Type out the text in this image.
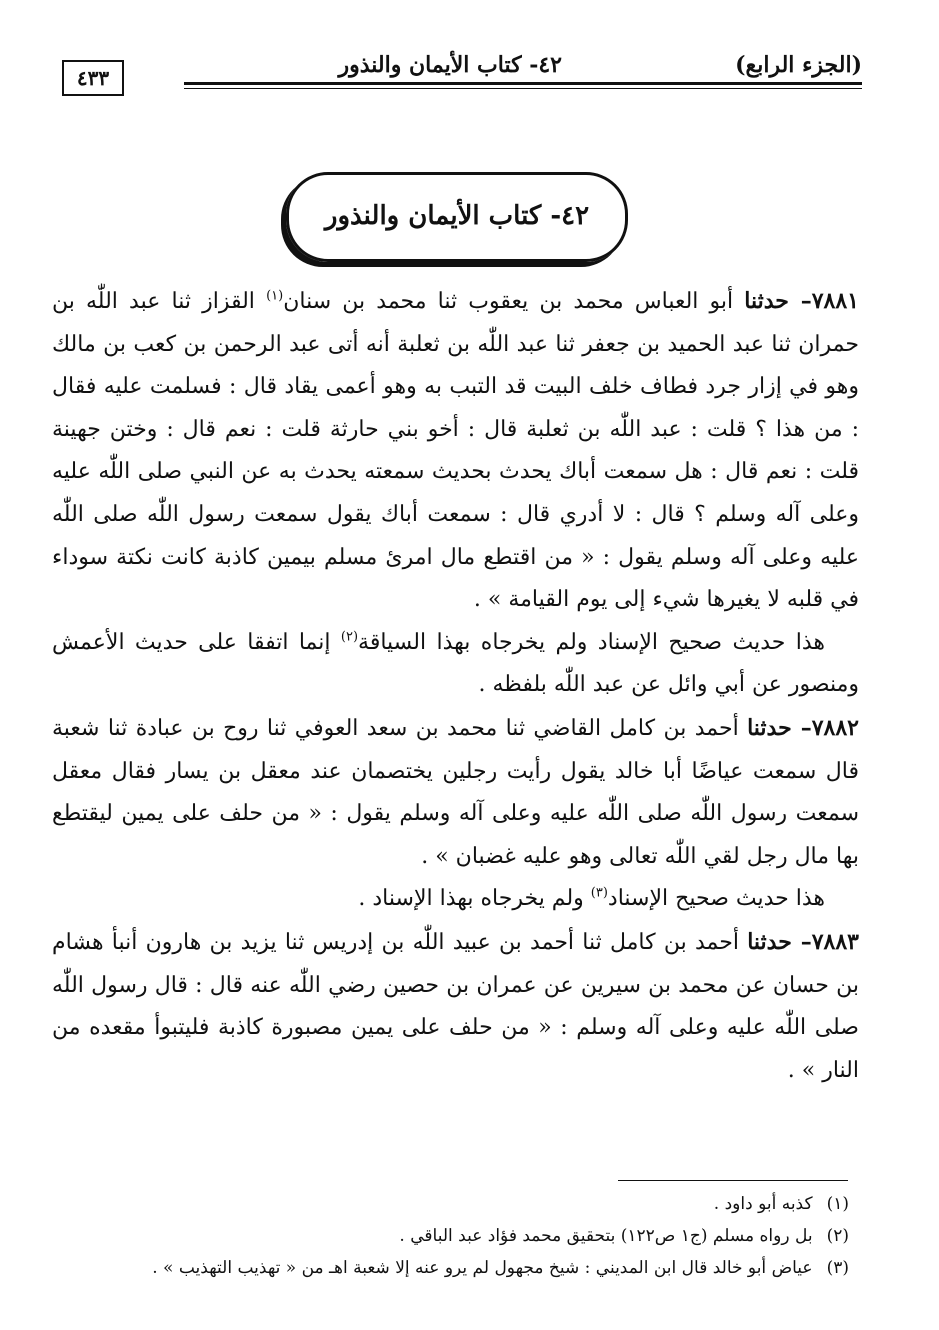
(الجزء الرابع)
٤٢- كتاب الأيمان والنذور
٤٣٣
٤٢- كتاب الأيمان والنذور

٧٨٨١– حدثنا أبو العباس محمد بن يعقوب ثنا محمد بن سنان$^{(١)}$ القزاز ثنا عبد اللّٰه بن حمران ثنا عبد الحميد بن جعفر ثنا عبد اللّٰه بن ثعلبة أنه أتى عبد الرحمن بن كعب بن مالك وهو في إزار جرد فطاف خلف البيت قد التبب به وهو أعمى يقاد قال : فسلمت عليه فقال : من هذا ؟ قلت : عبد اللّٰه بن ثعلبة قال : أخو بني حارثة قلت : نعم قال : وختن جهينة قلت : نعم قال : هل سمعت أباك يحدث بحديث سمعته يحدث به عن النبي صلى اللّٰه عليه وعلى آله وسلم ؟ قال : لا أدري قال : سمعت أباك يقول سمعت رسول اللّٰه صلى اللّٰه عليه وعلى آله وسلم يقول : « من اقتطع مال امرئ مسلم بيمين كاذبة كانت نكتة سوداء في قلبه لا يغيرها شيء إلى يوم القيامة » .

هذا حديث صحيح الإسناد ولم يخرجاه بهذا السياقة$^{(٢)}$ إنما اتفقا على حديث الأعمش ومنصور عن أبي وائل عن عبد اللّٰه بلفظه .

٧٨٨٢– حدثنا أحمد بن كامل القاضي ثنا محمد بن سعد العوفي ثنا روح بن عبادة ثنا شعبة قال سمعت عياضًا أبا خالد يقول رأيت رجلين يختصمان عند معقل بن يسار فقال معقل سمعت رسول اللّٰه صلى اللّٰه عليه وعلى آله وسلم يقول : « من حلف على يمين ليقتطع بها مال رجل لقي اللّٰه تعالى وهو عليه غضبان » .

هذا حديث صحيح الإسناد$^{(٣)}$ ولم يخرجاه بهذا الإسناد .

٧٨٨٣– حدثنا أحمد بن كامل ثنا أحمد بن عبيد اللّٰه بن إدريس ثنا يزيد بن هارون أنبأ هشام بن حسان عن محمد بن سيرين عن عمران بن حصين رضي اللّٰه عنه قال : قال رسول اللّٰه صلى اللّٰه عليه وعلى آله وسلم : « من حلف على يمين مصبورة كاذبة فليتبوأ مقعده من النار » .

(١)كذبه أبو داود .
(٢)بل رواه مسلم (ج١ ص١٢٢) بتحقيق محمد فؤاد عبد الباقي .
(٣)عياض أبو خالد قال ابن المديني : شيخ مجهول لم يرو عنه إلا شعبة اهـ من « تهذيب التهذيب » .
